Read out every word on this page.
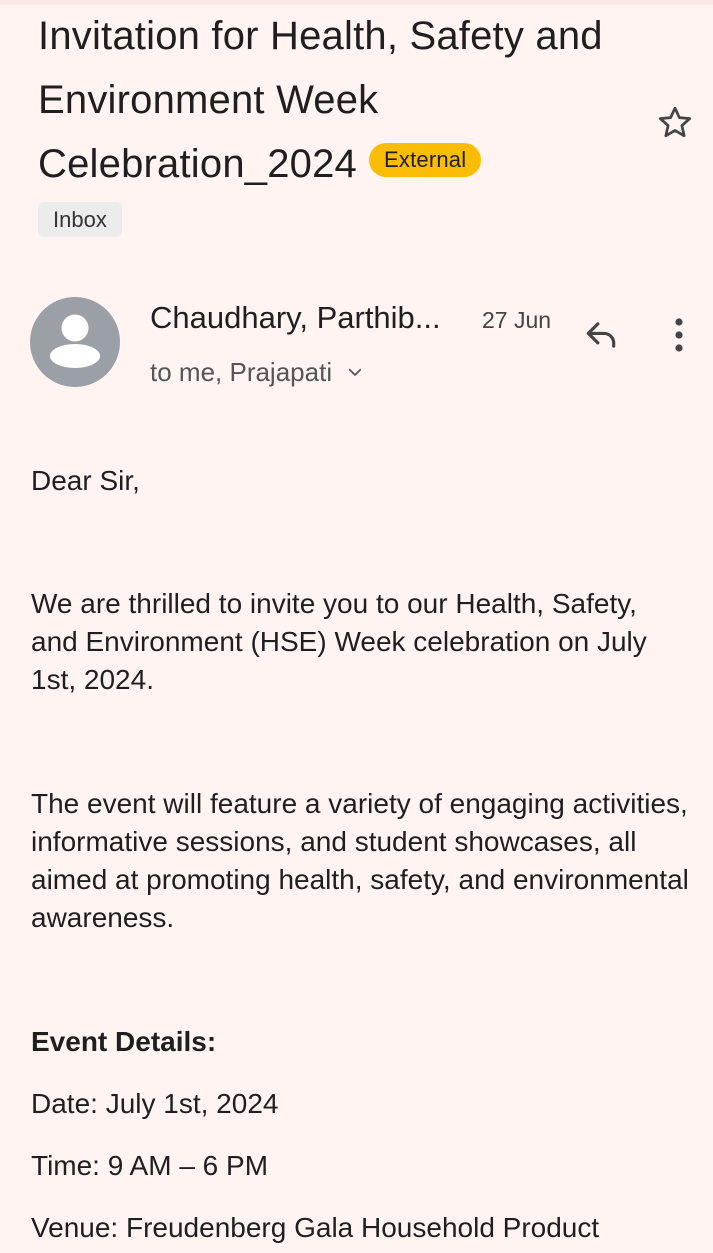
Invitation for Health, Safety and Environment Week Celebration_2024 External
Inbox
Chaudhary, Parthib... 27 Jun
to me, Prajapati

Dear Sir,

We are thrilled to invite you to our Health, Safety, and Environment (HSE) Week celebration on July 1st, 2024.

The event will feature a variety of engaging activities, informative sessions, and student showcases, all aimed at promoting health, safety, and environmental awareness.

Event Details:

Date: July 1st, 2024

Time: 9 AM – 6 PM

Venue: Freudenberg Gala Household Product
